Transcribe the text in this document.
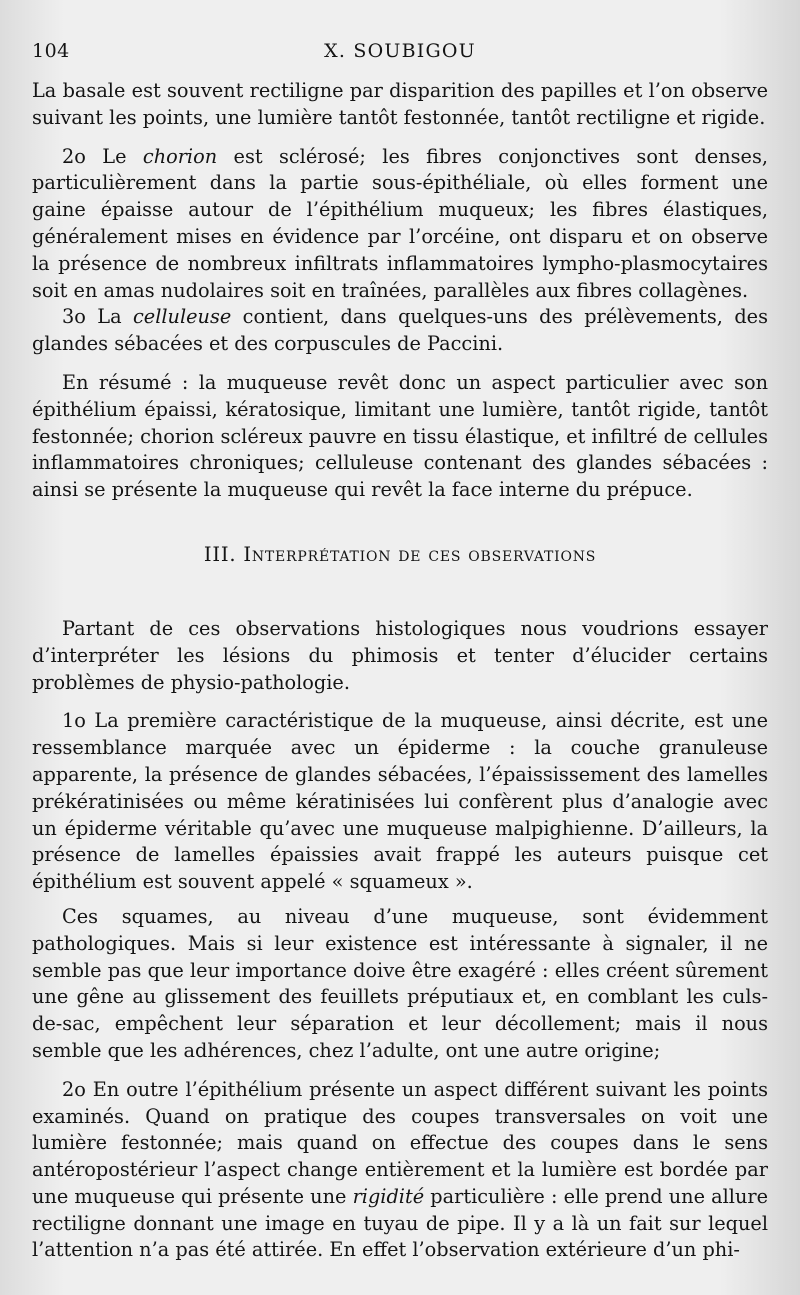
104	X. SOUBIGOU

La basale est souvent rectiligne par disparition des papilles et l’on observe suivant les points, une lumière tantôt festonnée, tantôt rectiligne et rigide.

2o Le chorion est sclérosé; les fibres conjonctives sont denses, particulièrement dans la partie sous-épithéliale, où elles forment une gaine épaisse autour de l’épithélium muqueux; les fibres élastiques, généralement mises en évidence par l’orcéine, ont disparu et on observe la présence de nombreux infiltrats inflammatoires lympho-plasmocytaires soit en amas nudolaires soit en traînées, parallèles aux fibres collagènes.

3o La celluleuse contient, dans quelques-uns des prélèvements, des glandes sébacées et des corpuscules de Paccini.

En résumé : la muqueuse revêt donc un aspect particulier avec son épithélium épaissi, kératosique, limitant une lumière, tantôt rigide, tantôt festonnée; chorion scléreux pauvre en tissu élastique, et infiltré de cellules inflammatoires chroniques; celluleuse contenant des glandes sébacées : ainsi se présente la muqueuse qui revêt la face interne du prépuce.

III. Interprétation de ces observations

Partant de ces observations histologiques nous voudrions essayer d’interpréter les lésions du phimosis et tenter d’élucider certains problèmes de physio-pathologie.

1o La première caractéristique de la muqueuse, ainsi décrite, est une ressemblance marquée avec un épiderme : la couche granuleuse apparente, la présence de glandes sébacées, l’épaississement des lamelles prékératinisées ou même kératinisées lui confèrent plus d’analogie avec un épiderme véritable qu’avec une muqueuse malpighienne. D’ailleurs, la présence de lamelles épaissies avait frappé les auteurs puisque cet épithélium est souvent appelé « squameux ».

Ces squames, au niveau d’une muqueuse, sont évidemment pathologiques. Mais si leur existence est intéressante à signaler, il ne semble pas que leur importance doive être exagéré : elles créent sûrement une gêne au glissement des feuillets préputiaux et, en comblant les culs-de-sac, empêchent leur séparation et leur décollement; mais il nous semble que les adhérences, chez l’adulte, ont une autre origine;

2o En outre l’épithélium présente un aspect différent suivant les points examinés. Quand on pratique des coupes transversales on voit une lumière festonnée; mais quand on effectue des coupes dans le sens antéropostérieur l’aspect change entièrement et la lumière est bordée par une muqueuse qui présente une rigidité particulière : elle prend une allure rectiligne donnant une image en tuyau de pipe. Il y a là un fait sur lequel l’attention n’a pas été attirée. En effet l’observation extérieure d’un phi-
